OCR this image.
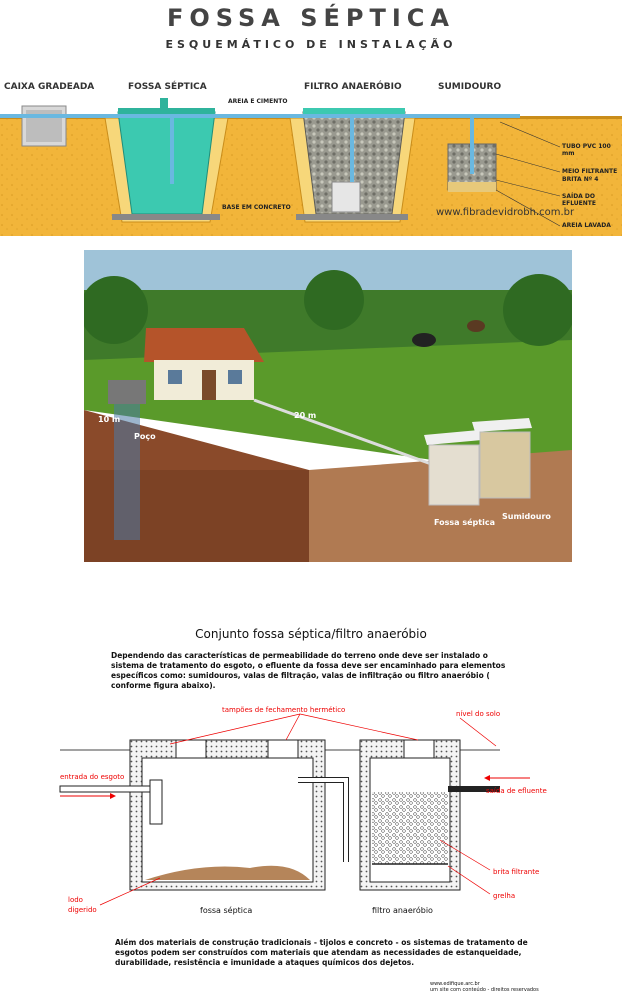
FOSSA SÉPTICA
ESQUEMÁTICO DE INSTALAÇÃO
CAIXA GRADEADA	FOSSA SÉPTICA	FILTRO ANAERÓBIO	SUMIDOURO
AREIA E CIMENTO
TUBO PVC 100 mm
MEIO FILTRANTE
BRITA Nº 4
SAÍDA DO EFLUENTE
AREIA LAVADA
BASE EM CONCRETO	www.fibradevidrobh.com.br
10 m
Poço
20 m
Fossa séptica
Sumidouro
Conjunto fossa séptica/filtro anaeróbio
Dependendo das características de permeabilidade do terreno onde deve ser instalado o sistema de tratamento do esgoto, o efluente da fossa deve ser encaminhado para elementos específicos como: sumidouros, valas de filtração, valas de infiltração ou filtro anaeróbio ( conforme figura abaixo).
tampões de fechamento hermético	nível do solo
entrada do esgoto
saída de efluente
brita filtrante
grelha
lodo
digerido	fossa séptica	filtro anaeróbio
Além dos materiais de construção tradicionais - tijolos e concreto - os sistemas de tratamento de esgotos podem ser construídos com materiais que atendam as necessidades de estanqueidade, durabilidade, resistência e imunidade a ataques químicos dos dejetos.
www.edifique.arc.br
um site com conteúdo - direitos reservados
